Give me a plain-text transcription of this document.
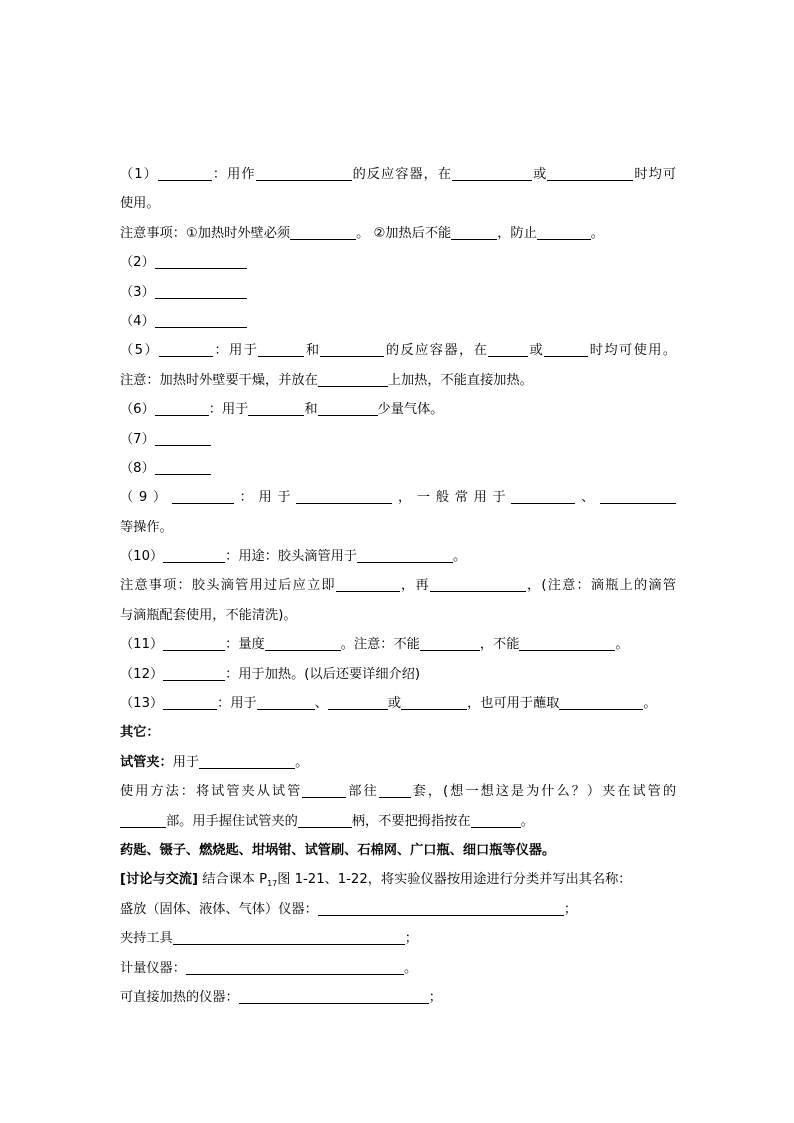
（1）	：用作	的反应容器，在	或	时均可
使用。
注意事项：①加热时外壁必须	。 ②加热后不能	，防止	。
（2）
（3）
（4）
（5）	：用于	和	的反应容器，在	或	时均可使用。
注意：加热时外壁要干燥，并放在	上加热，不能直接加热。
（6）	：用于	和	少量气体。
（7）
（8）
（9）	：用于	，一般常用于	、
等操作。
（10）	：用途：胶头滴管用于	。
注意事项：胶头滴管用过后应立即	，再	，(注意：滴瓶上的滴管
与滴瓶配套使用，不能清洗)。
（11）	：量度	。注意：不能	，不能	。
（12）	：用于加热。(以后还要详细介绍)
（13）	：用于	、	或	，也可用于蘸取	。
其它：
试管夹：用于	。
使用方法：将试管夹从试管	部往 套，(想一想这是为什么？）夹在试管的
部。用手握住试管夹的	柄，不要把拇指按在	。
药匙、镊子、燃烧匙、坩埚钳、试管刷、石棉网、广口瓶、细口瓶等仪器。
[讨论与交流] 结合课本 $P_{17}$图 1-21、1-22，将实验仪器按用途进行分类并写出其名称：
盛放（固体、液体、气体）仪器：	；
夹持工具	；
计量仪器：	。
可直接加热的仪器：	；
